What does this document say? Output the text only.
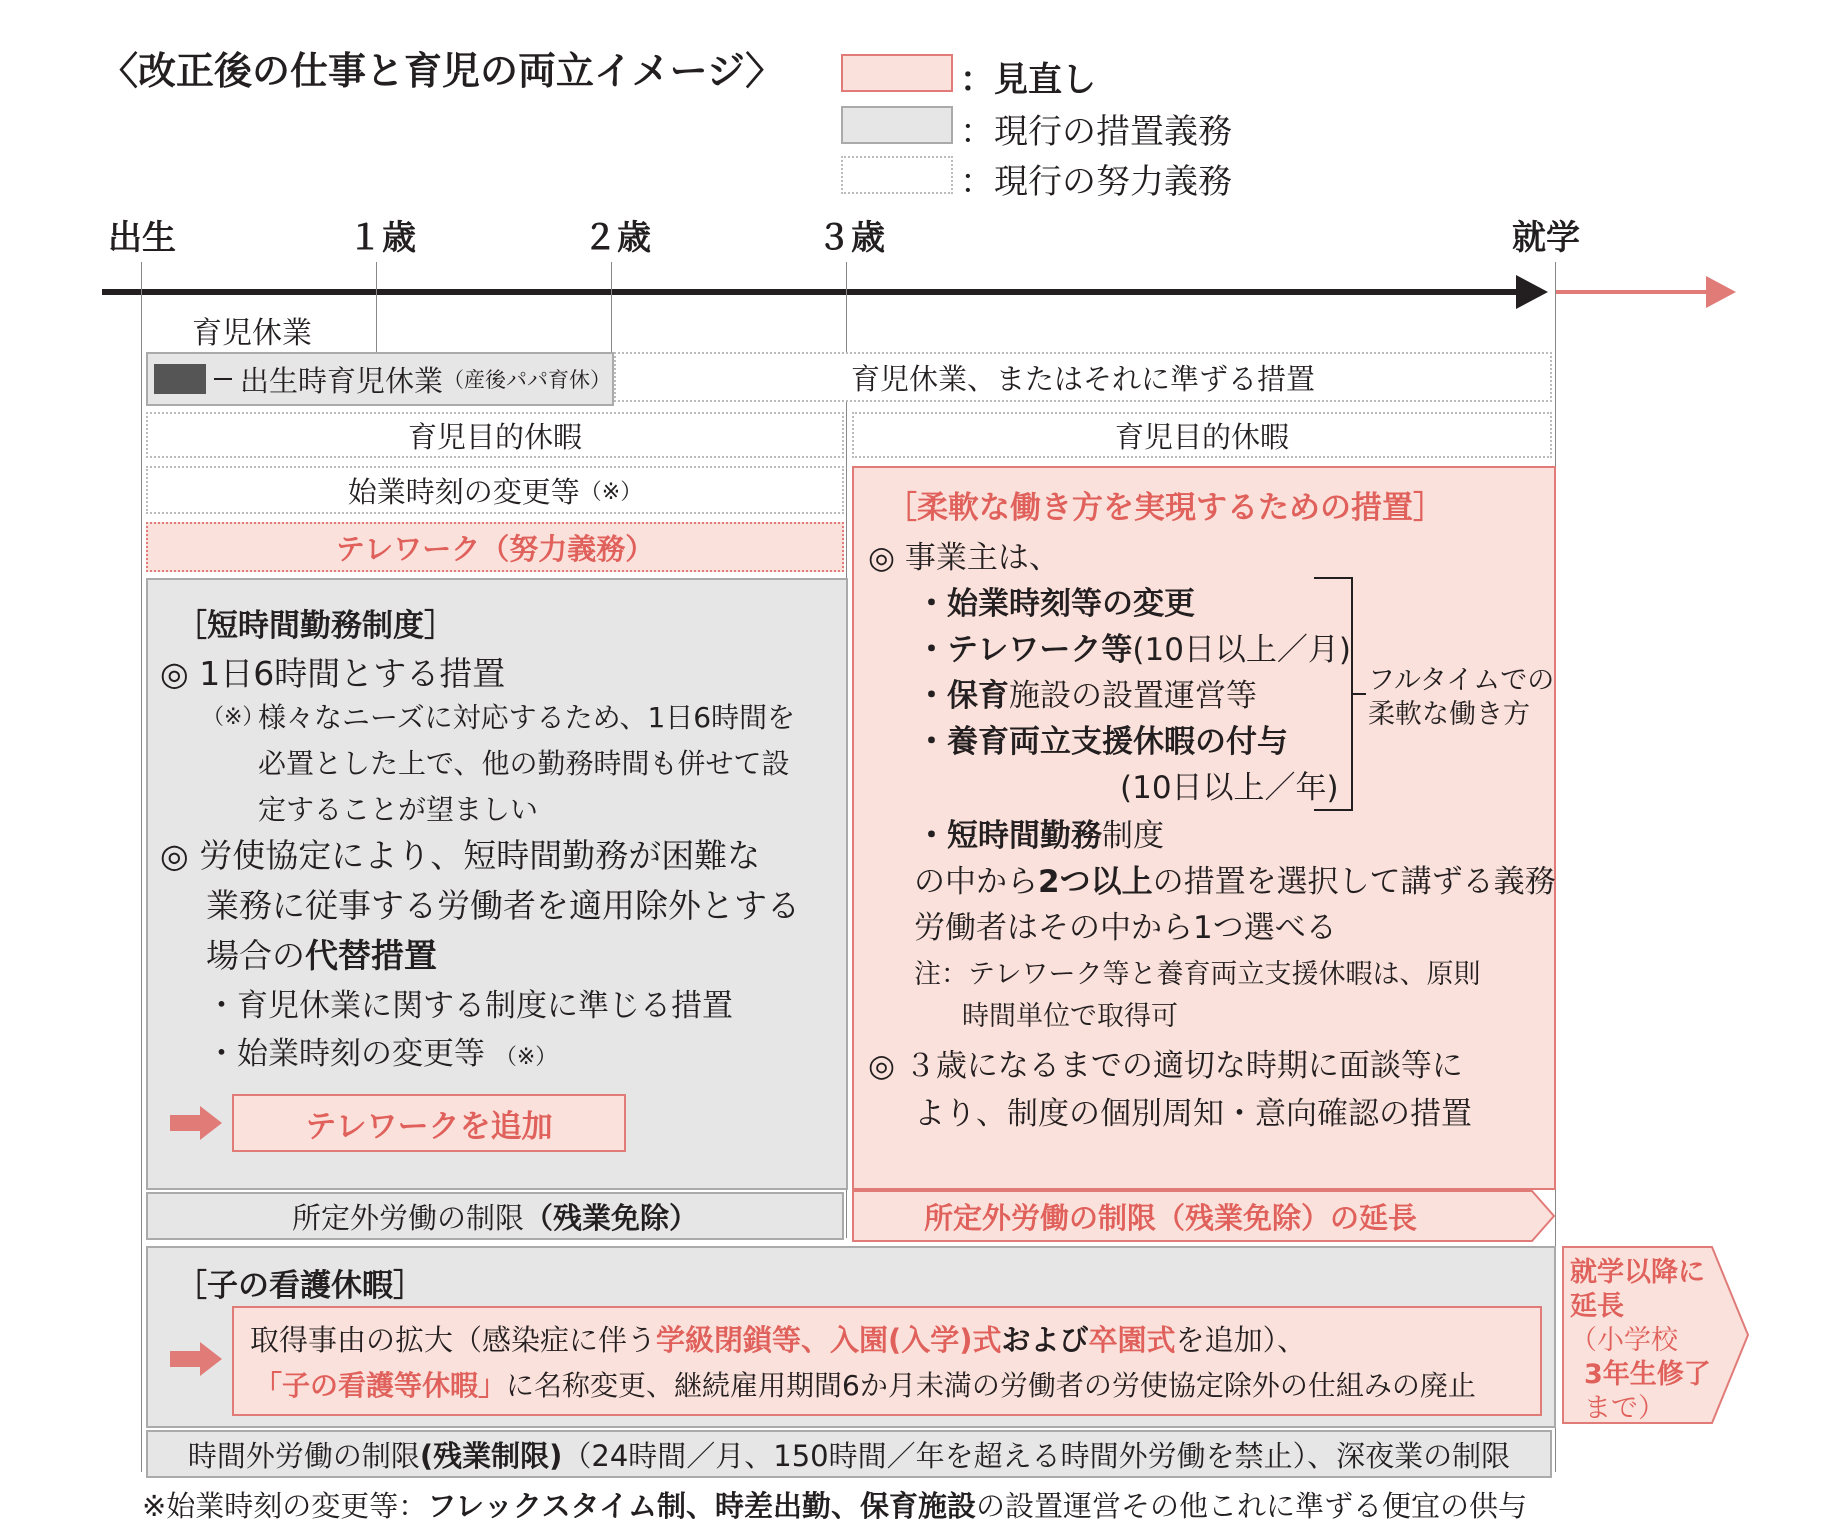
〈改正後の仕事と育児の両立イメージ〉	：見直し
：現行の措置義務
：現行の努力義務
出生	１歳	２歳	３歳	就学
育児休業
出生時育児休業 （産後パパ育休）	育児休業、またはそれに準ずる措置
育児目的休暇	育児目的休暇
始業時刻の変更等 （※）
テレワーク（努力義務）
［短時間勤務制度］
◎ 1日6時間とする措置
（※）
様々なニーズに対応するため、1日6時間を
必置とした上で、他の勤務時間も併せて設
定することが望ましい
◎ 労使協定により、短時間勤務が困難な
業務に従事する労働者を適用除外とする
場合の代替措置
・育児休業に関する制度に準じる措置
・始業時刻の変更等 （※）
テレワークを追加
［柔軟な働き方を実現するための措置］
◎ 事業主は、
・始業時刻等の変更
・テレワーク等(10日以上／月)
・保育施設の設置運営等
・養育両立支援休暇の付与
(10日以上／年)
・短時間勤務制度
フルタイムでの
柔軟な働き方
の中から2つ以上の措置を選択して講ずる義務
労働者はその中から1つ選べる
注：テレワーク等と養育両立支援休暇は、原則
時間単位で取得可
◎ ３歳になるまでの適切な時期に面談等に
より、制度の個別周知・意向確認の措置
所定外労働の制限 （残業免除）	所定外労働の制限（残業免除）の延長
［子の看護休暇］
取得事由の拡大（感染症に伴う学級閉鎖等、入園(入学)式および卒園式を追加）、
「子の看護等休暇」に名称変更、継続雇用期間6か月未満の労働者の労使協定除外の仕組みの廃止
就学以降に
延長
（小学校
3年生修了
まで）
時間外労働の制限 (残業制限) （24時間／月、150時間／年を超える時間外労働を禁止）、深夜業の制限
※始業時刻の変更等：フレックスタイム制、時差出勤、保育施設の設置運営その他これに準ずる便宜の供与
